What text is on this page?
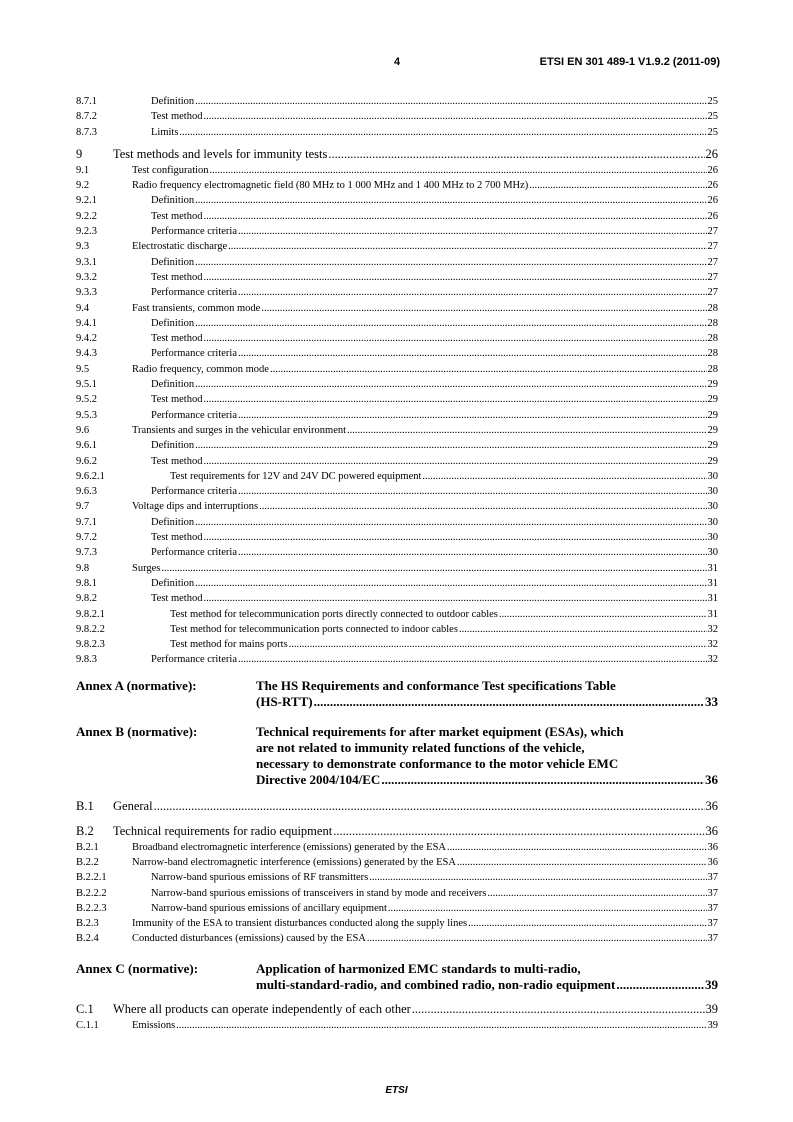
4	ETSI EN 301 489-1 V1.9.2 (2011-09)
8.7.1	Definition .....	25
8.7.2	Test method .....	25
8.7.3	Limits .....	25
9 Test methods and levels for immunity tests .....	26
9.1	Test configuration .....	26
9.2	Radio frequency electromagnetic field (80 MHz to 1 000 MHz and 1 400 MHz to 2 700 MHz) .....	26
9.2.1	Definition .....	26
9.2.2	Test method .....	26
9.2.3	Performance criteria .....	27
9.3	Electrostatic discharge .....	27
9.3.1	Definition .....	27
9.3.2	Test method .....	27
9.3.3	Performance criteria .....	27
9.4	Fast transients, common mode .....	28
9.4.1	Definition .....	28
9.4.2	Test method .....	28
9.4.3	Performance criteria .....	28
9.5	Radio frequency, common mode .....	28
9.5.1	Definition .....	29
9.5.2	Test method .....	29
9.5.3	Performance criteria .....	29
9.6	Transients and surges in the vehicular environment .....	29
9.6.1	Definition .....	29
9.6.2	Test method .....	29
9.6.2.1	Test requirements for 12V and 24V DC powered equipment .....	30
9.6.3	Performance criteria .....	30
9.7	Voltage dips and interruptions .....	30
9.7.1	Definition .....	30
9.7.2	Test method .....	30
9.7.3	Performance criteria .....	30
9.8	Surges .....	31
9.8.1	Definition .....	31
9.8.2	Test method .....	31
9.8.2.1	Test method for telecommunication ports directly connected to outdoor cables .....	31
9.8.2.2	Test method for telecommunication ports connected to indoor cables .....	32
9.8.2.3	Test method for mains ports .....	32
9.8.3	Performance criteria .....	32
Annex A (normative):	The HS Requirements and conformance Test specifications Table
(HS-RTT) .....	33
Annex B (normative):	Technical requirements for after market equipment (ESAs), which
are not related to immunity related functions of the vehicle,
necessary to demonstrate conformance to the motor vehicle EMC
Directive 2004/104/EC .....	36
B.1 General .....	36
B.2 Technical requirements for radio equipment .....	36
B.2.1	Broadband electromagnetic interference (emissions) generated by the ESA .....	36
B.2.2	Narrow-band electromagnetic interference (emissions) generated by the ESA .....	36
B.2.2.1	Narrow-band spurious emissions of RF transmitters .....	37
B.2.2.2	Narrow-band spurious emissions of transceivers in stand by mode and receivers .....	37
B.2.2.3	Narrow-band spurious emissions of ancillary equipment .....	37
B.2.3	Immunity of the ESA to transient disturbances conducted along the supply lines .....	37
B.2.4	Conducted disturbances (emissions) caused by the ESA .....	37
Annex C (normative):	Application of harmonized EMC standards to multi-radio,
multi-standard-radio, and combined radio, non-radio equipment .....	39
C.1 Where all products can operate independently of each other .....	39
C.1.1	Emissions .....	39
ETSI
